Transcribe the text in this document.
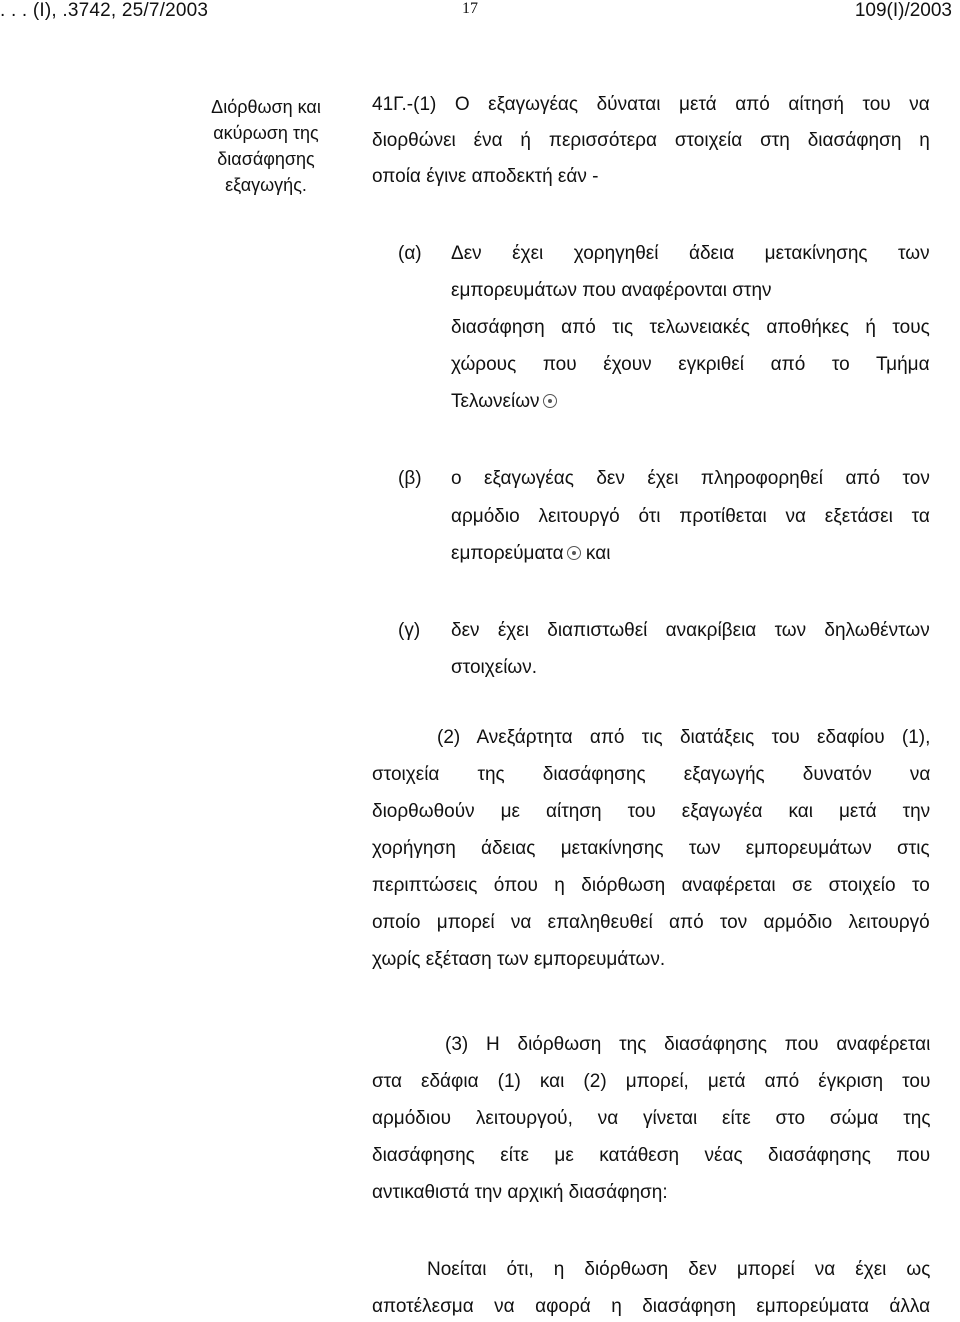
. . . (Ι), .3742, 25/7/2003	17	109(Ι)/2003
Διόρθωση και
ακύρωση της
διασάφησης
εξαγωγής.
41Γ.-(1) Ο εξαγωγέας δύναται μετά από αίτησή του να
διορθώνει ένα ή περισσότερα στοιχεία στη διασάφηση η
οποία έγινε αποδεκτή εάν -
(α) Δεν έχει χορηγηθεί άδεια μετακίνησης των
εμπορευμάτων που αναφέρονται στην
διασάφηση από τις τελωνειακές αποθήκες ή τους
χώρους που έχουν εγκριθεί από το Τμήμα
Τελωνείων
(β) ο εξαγωγέας δεν έχει πληροφορηθεί από τον
αρμόδιο λειτουργό ότι προτίθεται να εξετάσει τα
εμπορεύματα και
(γ) δεν έχει διαπιστωθεί ανακρίβεια των δηλωθέντων
στοιχείων.
(2) Ανεξάρτητα από τις διατάξεις του εδαφίου (1),
στοιχεία της διασάφησης εξαγωγής δυνατόν να
διορθωθούν με αίτηση του εξαγωγέα και μετά την
χορήγηση άδειας μετακίνησης των εμπορευμάτων στις
περιπτώσεις όπου η διόρθωση αναφέρεται σε στοιχείο το
οποίο μπορεί να επαληθευθεί από τον αρμόδιο λειτουργό
χωρίς εξέταση των εμπορευμάτων.
(3) Η διόρθωση της διασάφησης που αναφέρεται
στα εδάφια (1) και (2) μπορεί, μετά από έγκριση του
αρμόδιου λειτουργού, να γίνεται είτε στο σώμα της
διασάφησης είτε με κατάθεση νέας διασάφησης που
αντικαθιστά την αρχική διασάφηση:
Νοείται ότι, η διόρθωση δεν μπορεί να έχει ως
αποτέλεσμα να αφορά η διασάφηση εμπορεύματα άλλα
